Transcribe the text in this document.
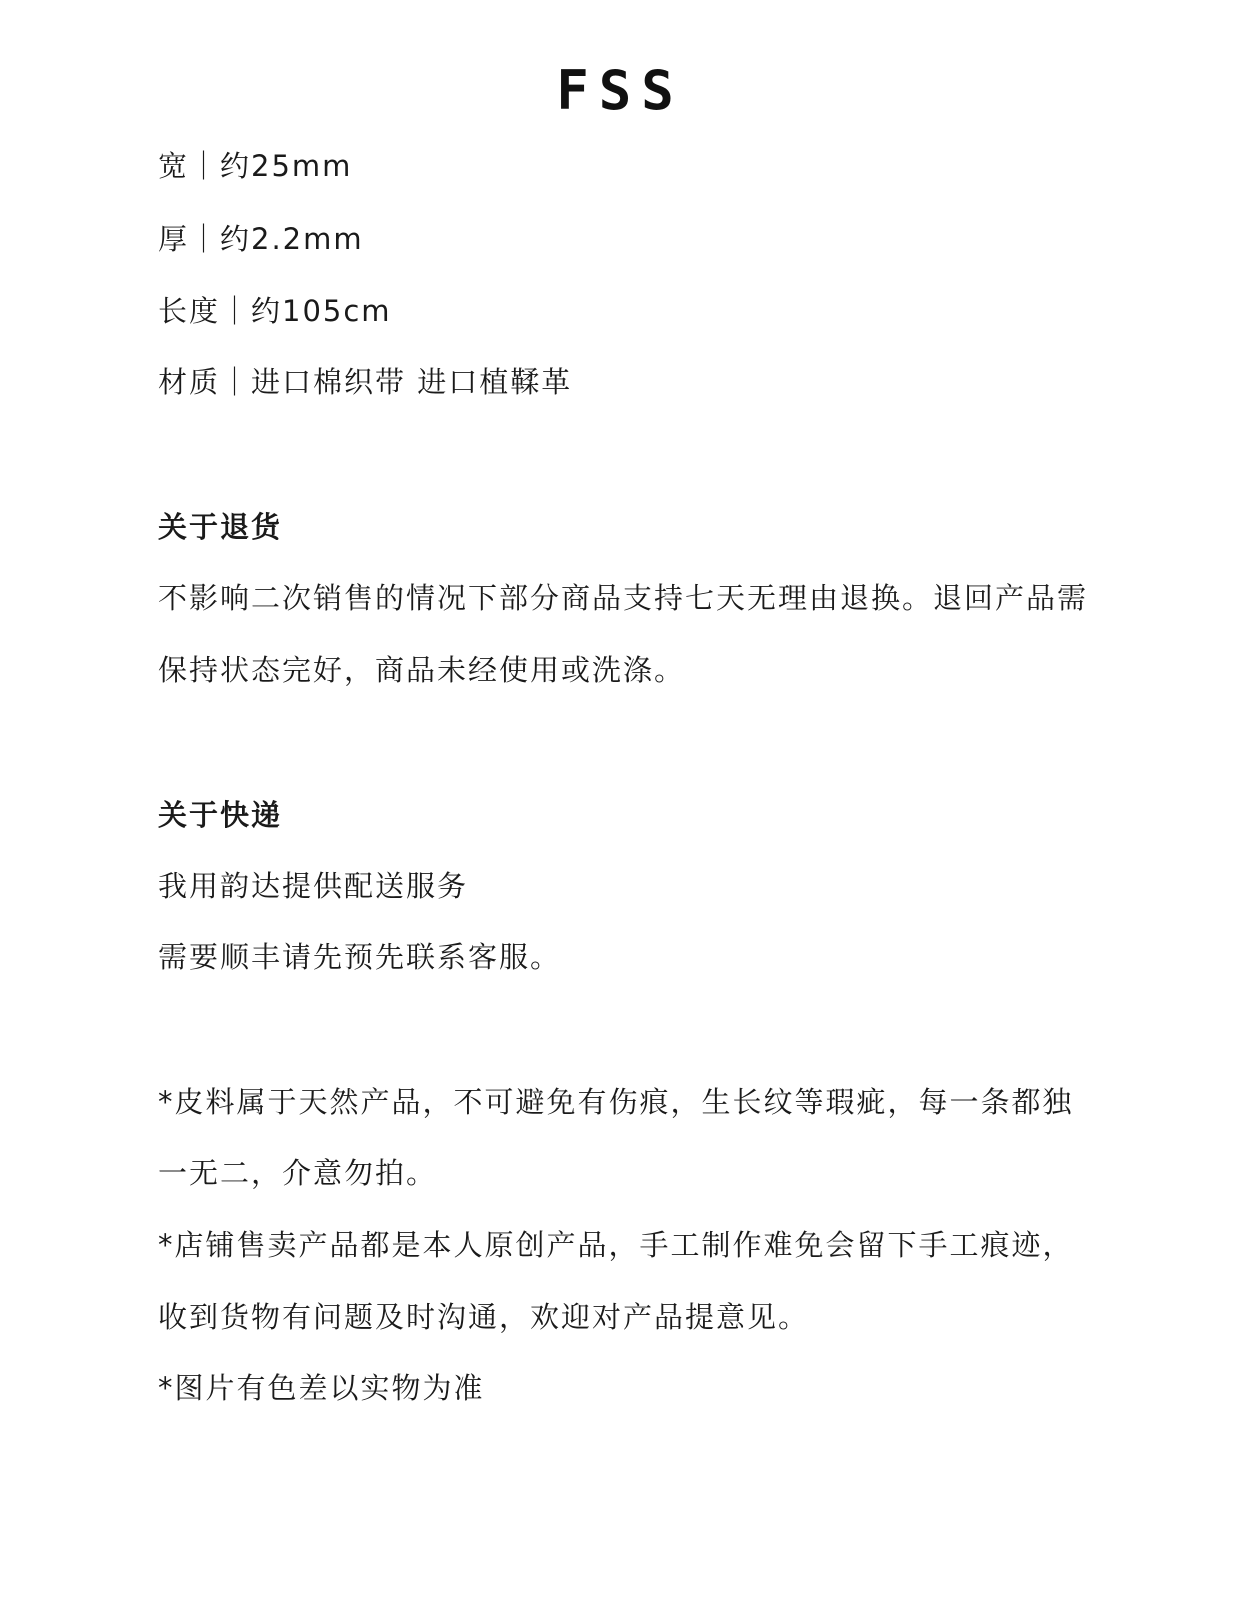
FSS
宽｜约25mm
厚｜约2.2mm
长度｜约105cm
材质｜进口棉织带 进口植鞣革
关于退货
不影响二次销售的情况下部分商品支持七天无理由退换。退回产品需
保持状态完好，商品未经使用或洗涤。
关于快递
我用韵达提供配送服务
需要顺丰请先预先联系客服。
*皮料属于天然产品，不可避免有伤痕，生长纹等瑕疵，每一条都独
一无二，介意勿拍。
*店铺售卖产品都是本人原创产品，手工制作难免会留下手工痕迹，
收到货物有问题及时沟通，欢迎对产品提意见。
*图片有色差以实物为准
